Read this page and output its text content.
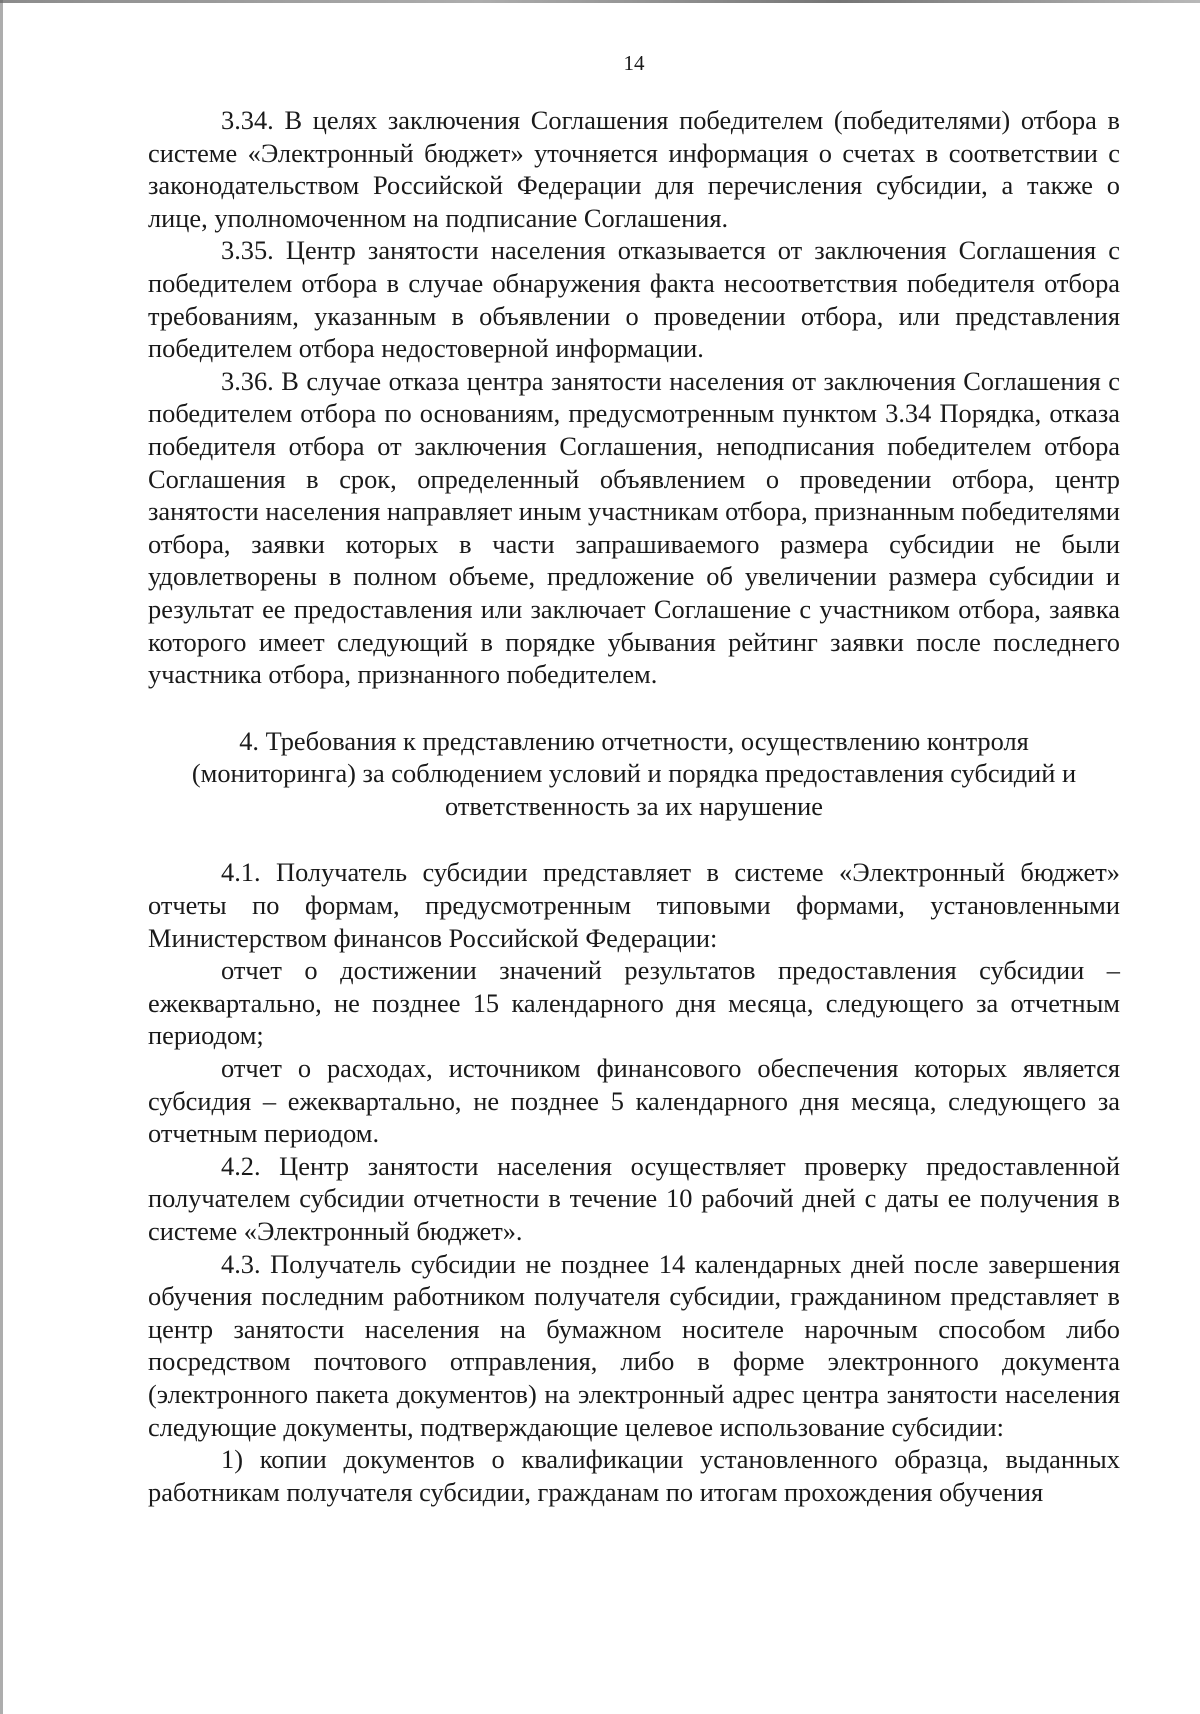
14

3.34. В целях заключения Соглашения победителем (победителями) отбора в системе «Электронный бюджет» уточняется информация о счетах в соответствии с законодательством Российской Федерации для перечисления субсидии, а также о лице, уполномоченном на подписание Соглашения.

3.35. Центр занятости населения отказывается от заключения Соглашения с победителем отбора в случае обнаружения факта несоответствия победителя отбора требованиям, указанным в объявлении о проведении отбора, или представления победителем отбора недостоверной информации.

3.36. В случае отказа центра занятости населения от заключения Соглашения с победителем отбора по основаниям, предусмотренным пунктом 3.34 Порядка, отказа победителя отбора от заключения Соглашения, неподписания победителем отбора Соглашения в срок, определенный объявлением о проведении отбора, центр занятости населения направляет иным участникам отбора, признанным победителями отбора, заявки которых в части запрашиваемого размера субсидии не были удовлетворены в полном объеме, предложение об увеличении размера субсидии и результат ее предоставления или заключает Соглашение с участником отбора, заявка которого имеет следующий в порядке убывания рейтинг заявки после последнего участника отбора, признанного победителем.

4. Требования к представлению отчетности, осуществлению контроля
(мониторинга) за соблюдением условий и порядка предоставления субсидий и
ответственность за их нарушение

4.1. Получатель субсидии представляет в системе «Электронный бюджет» отчеты по формам, предусмотренным типовыми формами, установленными Министерством финансов Российской Федерации:

отчет о достижении значений результатов предоставления субсидии – ежеквартально, не позднее 15 календарного дня месяца, следующего за отчетным периодом;

отчет о расходах, источником финансового обеспечения которых является субсидия – ежеквартально, не позднее 5 календарного дня месяца, следующего за отчетным периодом.

4.2. Центр занятости населения осуществляет проверку предоставленной получателем субсидии отчетности в течение 10 рабочий дней с даты ее получения в системе «Электронный бюджет».

4.3. Получатель субсидии не позднее 14 календарных дней после завершения обучения последним работником получателя субсидии, гражданином представляет в центр занятости населения на бумажном носителе нарочным способом либо посредством почтового отправления, либо в форме электронного документа (электронного пакета документов) на электронный адрес центра занятости населения следующие документы, подтверждающие целевое использование субсидии:

1) копии документов о квалификации установленного образца, выданных работникам получателя субсидии, гражданам по итогам прохождения обучения
